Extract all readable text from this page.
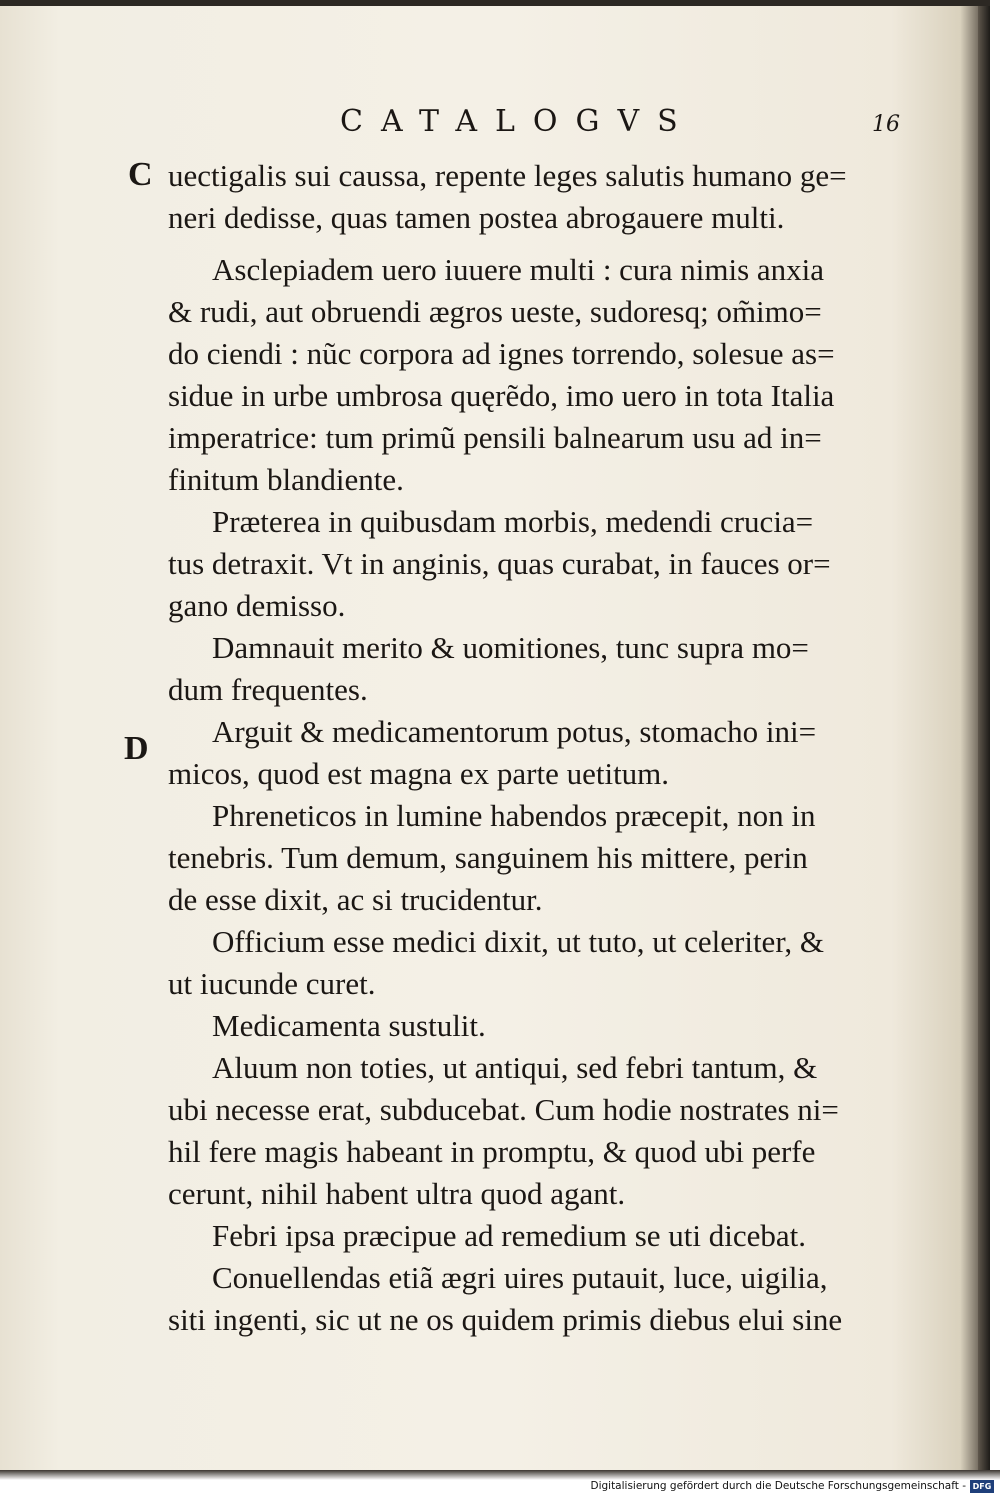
CATALOGVS	16
C
D
uectigalis sui caussa, repente leges salutis humano ge=
neri dedisse, quas tamen postea abrogauere multi.
Asclepiadem uero iuuere multi : cura nimis anxia
& rudi, aut obruendi ægros ueste, sudoresq; om̃imo=
do ciendi : nũc corpora ad ignes torrendo, solesue as=
sidue in urbe umbrosa quęrẽdo, imo uero in tota Italia
imperatrice: tum primũ pensili balnearum usu ad in=
finitum blandiente.
Præterea in quibusdam morbis, medendi crucia=
tus detraxit. Vt in anginis, quas curabat, in fauces or=
gano demisso.
Damnauit merito & uomitiones, tunc supra mo=
dum frequentes.
Arguit & medicamentorum potus, stomacho ini=
micos, quod est magna ex parte uetitum.
Phreneticos in lumine habendos præcepit, non in
tenebris. Tum demum, sanguinem his mittere, perin
de esse dixit, ac si trucidentur.
Officium esse medici dixit, ut tuto, ut celeriter, &
ut iucunde curet.
Medicamenta sustulit.
Aluum non toties, ut antiqui, sed febri tantum, &
ubi necesse erat, subducebat. Cum hodie nostrates ni=
hil fere magis habeant in promptu, & quod ubi perfe
cerunt, nihil habent ultra quod agant.
Febri ipsa præcipue ad remedium se uti dicebat.
Conuellendas etiã ægri uires putauit, luce, uigilia,
siti ingenti, sic ut ne os quidem primis diebus elui sine
Digitalisierung gefördert durch die Deutsche Forschungsgemeinschaft - DFG
